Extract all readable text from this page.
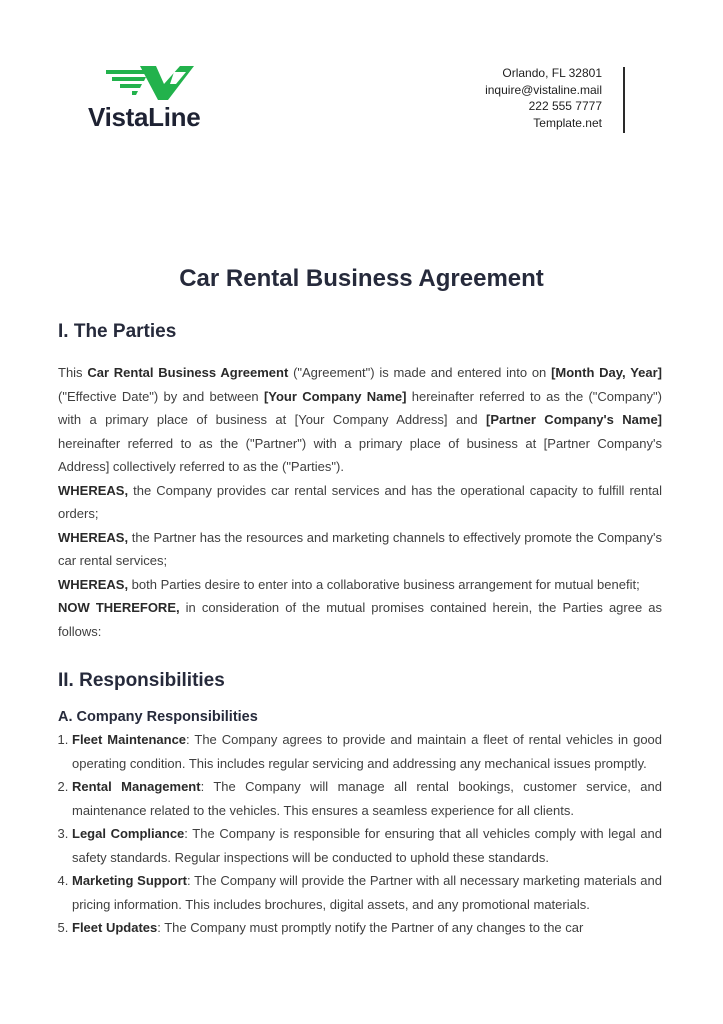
VistaLine
Orlando, FL 32801
inquire@vistaline.mail
222 555 7777
Template.net
Car Rental Business Agreement
I. The Parties

This Car Rental Business Agreement ("Agreement") is made and entered into on [Month Day, Year] ("Effective Date") by and between [Your Company Name] hereinafter referred to as the ("Company") with a primary place of business at [Your Company Address] and [Partner Company's Name] hereinafter referred to as the ("Partner") with a primary place of business at [Partner Company's Address] collectively referred to as the ("Parties").

WHEREAS, the Company provides car rental services and has the operational capacity to fulfill rental orders;

WHEREAS, the Partner has the resources and marketing channels to effectively promote the Company's car rental services;

WHEREAS, both Parties desire to enter into a collaborative business arrangement for mutual benefit;

NOW THEREFORE, in consideration of the mutual promises contained herein, the Parties agree as follows:

II. Responsibilities
A. Company Responsibilities
1. Fleet Maintenance: The Company agrees to provide and maintain a fleet of rental vehicles in good operating condition. This includes regular servicing and addressing any mechanical issues promptly.
2. Rental Management: The Company will manage all rental bookings, customer service, and maintenance related to the vehicles. This ensures a seamless experience for all clients.
3. Legal Compliance: The Company is responsible for ensuring that all vehicles comply with legal and safety standards. Regular inspections will be conducted to uphold these standards.
4. Marketing Support: The Company will provide the Partner with all necessary marketing materials and pricing information. This includes brochures, digital assets, and any promotional materials.
5. Fleet Updates: The Company must promptly notify the Partner of any changes to the car
